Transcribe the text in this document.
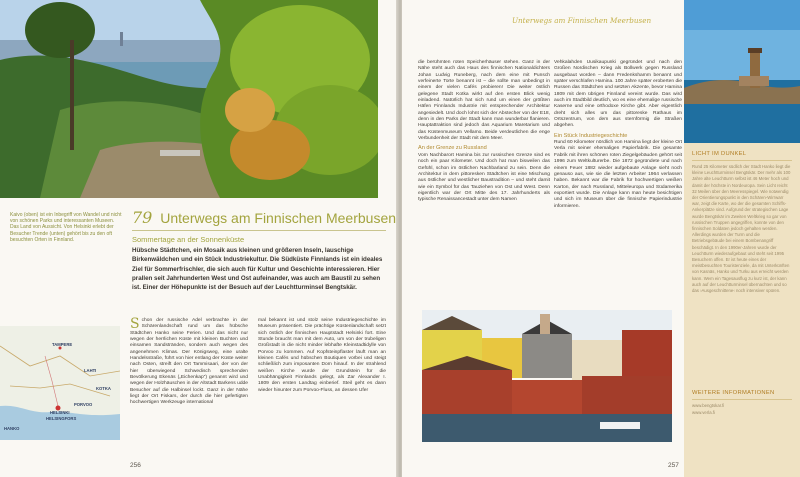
Kaivo (oben) ist ein Inbegriff von Wandel und nicht von schönen Parks und interessanten Museen. Das Land von Aussicht. Von Helsinki erlebt der Besucher Trende (unten) gehört bis zu den oft besuchten Orten in Finnland.
79 Unterwegs am Finnischen Meerbusen
Sommertage an der Sonnenküste

Hübsche Städtchen, ein Mosaik aus kleinen und größeren Inseln, lauschige Birkenwäldchen und ein Stück Industriekultur. Die Südküste Finnlands ist ein ideales Ziel für Sommerfrischler, die sich auch für Kultur und Geschichte interessieren. Hier prallen seit Jahrhunderten West und Ost aufeinander, was auch am Baustil zu sehen ist. Einer der Höhepunkte ist der Besuch auf der Leuchtturminsel Bengtskär.

TAMPERE
LAHTI
KOTKA
HELSINKI
HELSINGFORS
PORVOO
HANKO
Schon der russische Adel verbrachte in der Schärenlandschaft rund um das hübsche Städtchen Hanko seine Ferien. Und das nicht nur wegen der herrlichen Küste mit kleinen Buchten und einsamen Sandstränden, sondern auch wegen des angenehmen Klimas. Der Königsweg, eine uralte Handelsstraße, führt von hier entlang der Küste weiter nach Osten, streift den Ort Tammisaari, der von der hier überwiegend Schwedisch sprechenden Bevölkerung Ekenäs („Eichenkap“) genannt wird und wegen der Holzhäuschen in der Altstadt Barkens udde Besucher auf die Halbinsel lockt. Ganz in der Nähe liegt der Ort Fiskars, der durch die hier gefertigten hochwertigen Werkzeuge international

mal bekannt ist und stolz seine Industriegeschichte im Museum präsentiert. Die prächtige Küstenlandschaft setzt sich östlich der finnischen Hauptstadt Helsinki fort. Eine Stunde braucht man mit dem Auto, um von der trubeligen Großstadt in die nicht minder lebhafte Kleinstadtidylle von Porvoo zu kommen. Auf Kopfsteinpflaster läuft man an kleinen Cafés und hübschen Boutiquen vorbei und steigt schließlich zum imposanten Dom hinauf. In der strahlend weißen Kirche wurde der Grundstein für die Unabhängigkeit Finnlands gelegt, als Zar Alexander I. 1809 den ersten Landtag einberief. Steil geht es dann wieder hinunter zum Porvoo-Fluss, an dessen Ufer

256
Unterwegs am Finnischen Meerbusen
die berühmten roten Speicherhäuser stehen. Ganz in der Nähe steht auch das Haus des finnischen Nationaldichters Johan Ludvig Runeberg, nach dem eine mit Punsch verfeinerte Torte benannt ist – die sollte man unbedingt in einem der vielen Cafés probieren! Die weiter östlich gelegene Stadt Kotka wirkt auf den ersten Blick wenig einladend. Natürlich hat sich rund um einen der größten Häfen Finnlands Industrie mit entsprechender Architektur angesiedelt. Und doch lohnt sich der Abstecher von der E18, denn in den Parks der Stadt kann man wunderbar flanieren. Hauptattraktion sind jedoch das Aquarium Maretarium und das Küstenmuseum Vellamo. Beide verdeutlichen die enge Verbundenheit der Stadt mit dem Meer.
An der Grenze zu Russland
Vom Nachbarort Hamina bis zur russischen Grenze sind es noch ein paar Kilometer. Und doch hat man bisweilen das Gefühl, schon im östlichen Nachbarland zu sein. Denn die Architektur in dem pittoresken Städtchen ist eine Mischung aus östlicher und westlicher Baustradition – und steht damit wie ein Symbol für das Tauziehen von Ost und West. Denn eigentlich war der Ort Mitte des 17. Jahrhunderts als typische Renaissancestadt unter dem Namen
Vehkalahden Uusikaupunki gegründet und nach den Großen Nordischen Krieg als Bollwerk gegen Russland ausgebaut worden – dann Fredenkshamm benannt und später verschlafen Hamina. 100 Jahre später eroberten die Russen das Städtchen und setzten Akzente, bevor Hamina 1809 mit dem übrigen Finnland vereint wurde. Das wird auch im Stadtbild deutlich, wo es eine ehemalige russische Kaserne und eine orthodoxe Kirche gibt. Aber eigentlich dreht sich alles um das pittoreske Rathaus im Ortszentrum, von dem aus sternförmig die Straßen abgehen.
Ein Stück Industriegeschichte
Rund 60 Kilometer nördlich von Hamina liegt der kleine Ort Verla mit seiner ehemaligen Papierfabrik. Die gesamte Fabrik mit ihren schönen roten Ziegelgebäuden gehört seit 1996 zum Weltkulturerbe. Die 1872 gegründete und nach einem Feuer 1882 wieder aufgebaute Anlage sieht noch genauso aus, wie sie die letzten Arbeiter 1964 verlassen haben. Bekannt war die Fabrik für hochwertigen weißen Karton, der nach Russland, Mitteleuropa und Südamerika exportiert wurde. Die Anlage kann man heute besichtigen und sich im Museum über die finnische Papierindustrie informieren.
257
LICHT IM DUNKEL

Rund 25 Kilometer südlich der Stadt Hanko liegt die kleine Leuchtturminsel Bengtskär. Der mehr als 100 Jahre alte Leuchtturm selbst ist 46 Meter hoch und damit der höchste in Nordeuropa. Sein Licht reicht 32 Meilen über den Meeresspiegel. Wie notwendig der Orientierungspunkt in den Schären-Wirrwarr war, zeigt die Karte, wo der die gesamten Schiffs-Ankerplätze sind. Aufgrund der strategischen Lage wurde Bengtskär im Zweiten Weltkrieg so gar von russischen Truppen angegriffen, konnte von den finnischen Soldaten jedoch gehalten werden. Allerdings wurden der Turm und die Betriebsgebäude bei einem Bombenangriff beschädigt. In den 1990er-Jahren wurde der Leuchtturm wiederaufgebaut und steht seit 1995 Besuchern offen. Er ist heute eines der meistbesuchten Touristenziele, da mit Unterkünften von Kasnäs, Hanko und Turku aus erreicht werden kann. Wem ein Tagesausflug zu kurz ist, der kann auch auf der Leuchtturminsel übernachten und so das ›Ausgeschnittene‹ noch intensiver spüren.

WEITERE INFORMATIONEN
www.bengtskar.fi
www.verla.fi
